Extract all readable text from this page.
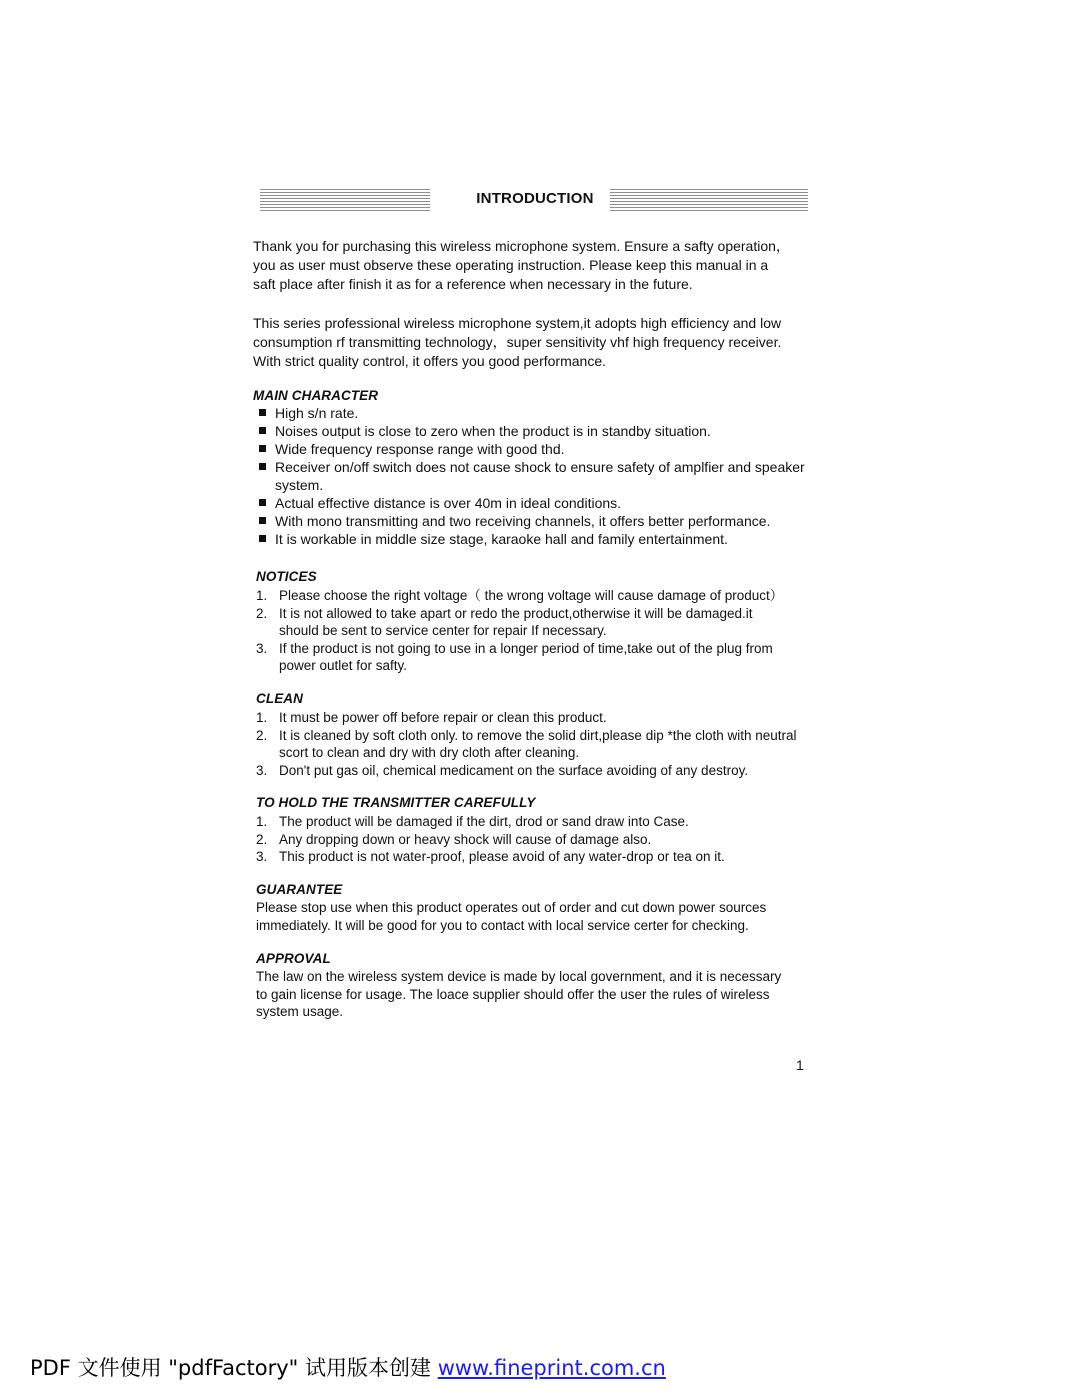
INTRODUCTION

Thank you for purchasing this wireless microphone system. Ensure a safty operation，

you as user must observe these operating instruction. Please keep this manual in a

saft place after finish it as for a reference when necessary in the future.

This series professional wireless microphone system,it adopts high efficiency and low

consumption rf transmitting technology，super sensitivity vhf high frequency receiver.

With strict quality control, it offers you good performance.

MAIN CHARACTER
High s/n rate.
Noises output is close to zero when the product is in standby situation.
Wide frequency response range with good thd.
Receiver on/off switch does not cause shock to ensure safety of amplfier and speaker system.
Actual effective distance is over 40m in ideal conditions.
With mono transmitting and two receiving channels, it offers better performance.
It is workable in middle size stage, karaoke hall and family entertainment.
NOTICES
1. Please choose the right voltage（ the wrong voltage will cause damage of product）
2. It is not allowed to take apart or redo the product,otherwise it will be damaged.it should be sent to service center for repair If necessary.
3. If the product is not going to use in a longer period of time,take out of the plug from power outlet for safty.
CLEAN
1. It must be power off before repair or clean this product.
2. It is cleaned by soft cloth only. to remove the solid dirt,please dip *the cloth with neutral scort to clean and dry with dry cloth after cleaning.
3. Don't put gas oil, chemical medicament on the surface avoiding of any destroy.
TO HOLD THE TRANSMITTER CAREFULLY
1. The product will be damaged if the dirt, drod or sand draw into Case.
2. Any dropping down or heavy shock will cause of damage also.
3. This product is not water-proof, please avoid of any water-drop or tea on it.
GUARANTEE

Please stop use when this product operates out of order and cut down power sources

immediately. It will be good for you to contact with local service certer for checking.

APPROVAL

The law on the wireless system device is made by local government, and it is necessary

to gain license for usage. The loace supplier should offer the user the rules of wireless

system usage.

1
PDF 文件使用 "pdfFactory" 试用版本创建 www.fineprint.com.cn
